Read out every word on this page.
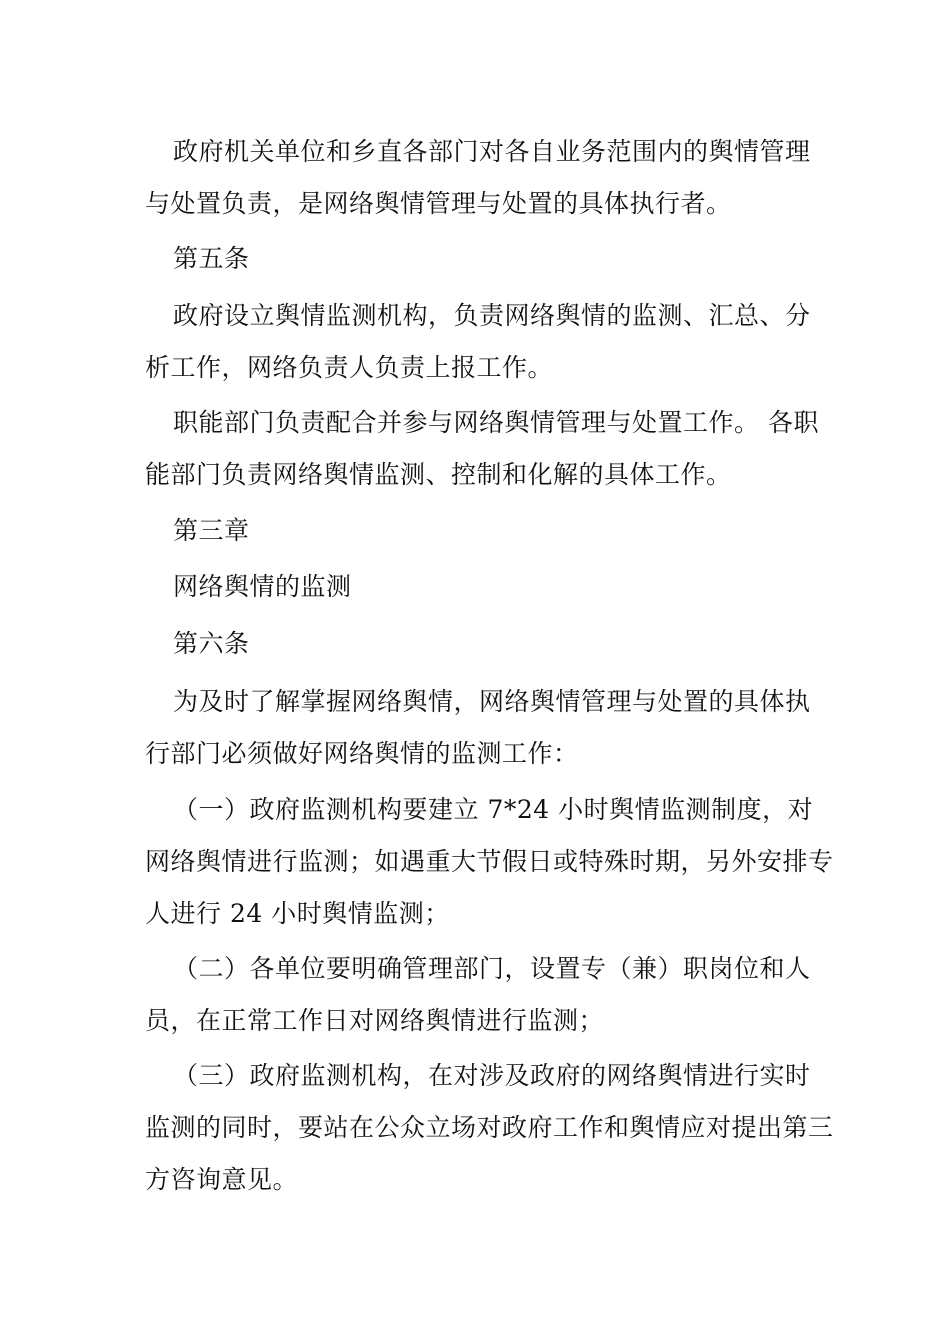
政府机关单位和乡直各部门对各自业务范围内的舆情管理与处置负责，是网络舆情管理与处置的具体执行者。

第五条

政府设立舆情监测机构，负责网络舆情的监测、汇总、分析工作，网络负责人负责上报工作。

职能部门负责配合并参与网络舆情管理与处置工作。 各职能部门负责网络舆情监测、控制和化解的具体工作。

第三章

网络舆情的监测

第六条

为及时了解掌握网络舆情，网络舆情管理与处置的具体执行部门必须做好网络舆情的监测工作：

（一）政府监测机构要建立 7*24 小时舆情监测制度，对网络舆情进行监测；如遇重大节假日或特殊时期，另外安排专人进行 24 小时舆情监测；

（二）各单位要明确管理部门，设置专（兼）职岗位和人员，在正常工作日对网络舆情进行监测；

（三）政府监测机构，在对涉及政府的网络舆情进行实时监测的同时，要站在公众立场对政府工作和舆情应对提出第三方咨询意见。
